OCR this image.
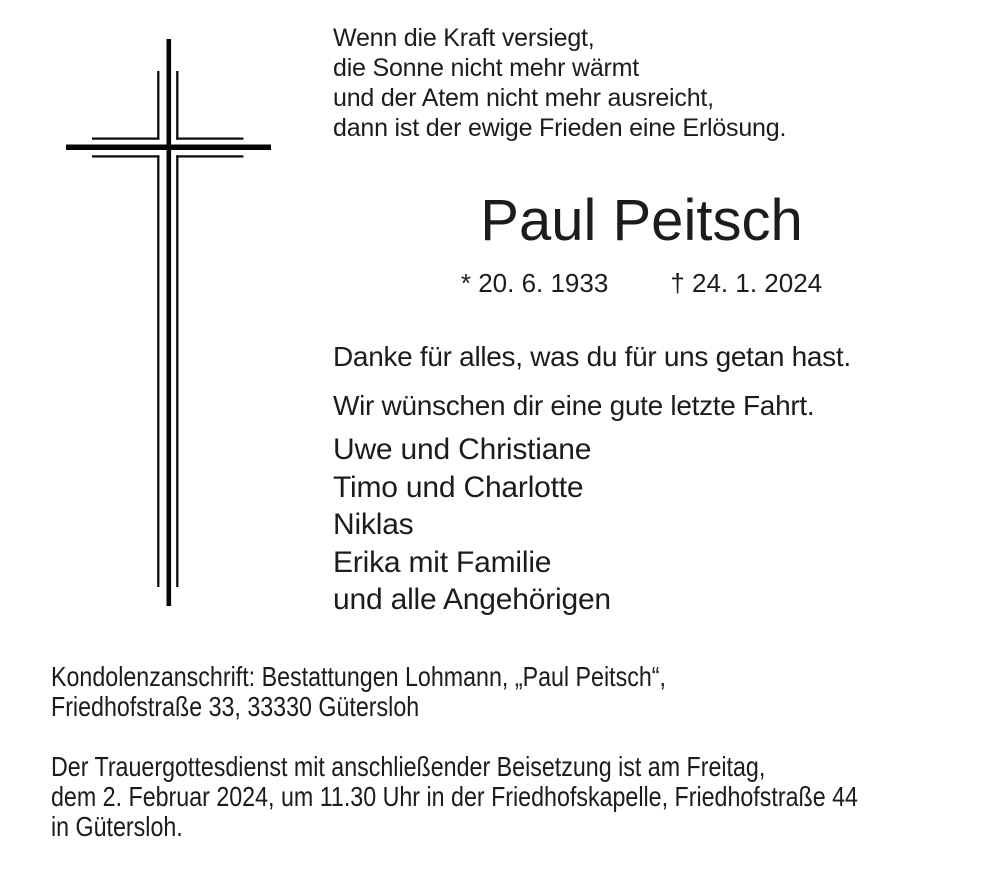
Wenn die Kraft versiegt,
die Sonne nicht mehr wärmt
und der Atem nicht mehr ausreicht,
dann ist der ewige Frieden eine Erlösung.
Paul Peitsch
* 20. 6. 1933 † 24. 1. 2024

Danke für alles, was du für uns getan hast.

Wir wünschen dir eine gute letzte Fahrt.

Uwe und Christiane
Timo und Charlotte
Niklas
Erika mit Familie
und alle Angehörigen
Kondolenzanschrift: Bestattungen Lohmann, „Paul Peitsch“,
Friedhofstraße 33, 33330 Gütersloh
Der Trauergottesdienst mit anschließender Beisetzung ist am Freitag,
dem 2. Februar 2024, um 11.30 Uhr in der Friedhofskapelle, Friedhofstraße 44
in Gütersloh.
